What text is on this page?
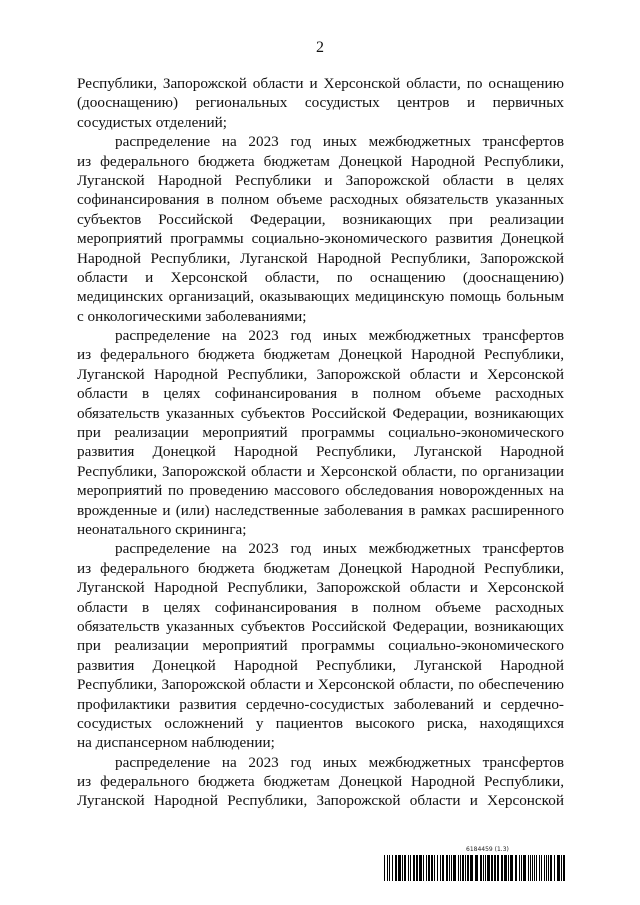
2
Республики, Запорожской области и Херсонской области, по оснащению
(дооснащению) региональных сосудистых центров и первичных
сосудистых отделений;
распределение на 2023 год иных межбюджетных трансфертов
из федерального бюджета бюджетам Донецкой Народной Республики,
Луганской Народной Республики и Запорожской области в целях
софинансирования в полном объеме расходных обязательств указанных
субъектов Российской Федерации, возникающих при реализации
мероприятий программы социально-экономического развития Донецкой
Народной Республики, Луганской Народной Республики, Запорожской
области и Херсонской области, по оснащению (дооснащению)
медицинских организаций, оказывающих медицинскую помощь больным
с онкологическими заболеваниями;
распределение на 2023 год иных межбюджетных трансфертов
из федерального бюджета бюджетам Донецкой Народной Республики,
Луганской Народной Республики, Запорожской области и Херсонской
области в целях софинансирования в полном объеме расходных
обязательств указанных субъектов Российской Федерации, возникающих
при реализации мероприятий программы социально-экономического
развития Донецкой Народной Республики, Луганской Народной
Республики, Запорожской области и Херсонской области, по организации
мероприятий по проведению массового обследования новорожденных на
врожденные и (или) наследственные заболевания в рамках расширенного
неонатального скрининга;
распределение на 2023 год иных межбюджетных трансфертов
из федерального бюджета бюджетам Донецкой Народной Республики,
Луганской Народной Республики, Запорожской области и Херсонской
области в целях софинансирования в полном объеме расходных
обязательств указанных субъектов Российской Федерации, возникающих
при реализации мероприятий программы социально-экономического
развития Донецкой Народной Республики, Луганской Народной
Республики, Запорожской области и Херсонской области, по обеспечению
профилактики развития сердечно-сосудистых заболеваний и сердечно-
сосудистых осложнений у пациентов высокого риска, находящихся
на диспансерном наблюдении;
распределение на 2023 год иных межбюджетных трансфертов
из федерального бюджета бюджетам Донецкой Народной Республики,
Луганской Народной Республики, Запорожской области и Херсонской
6184459 (1.3)
